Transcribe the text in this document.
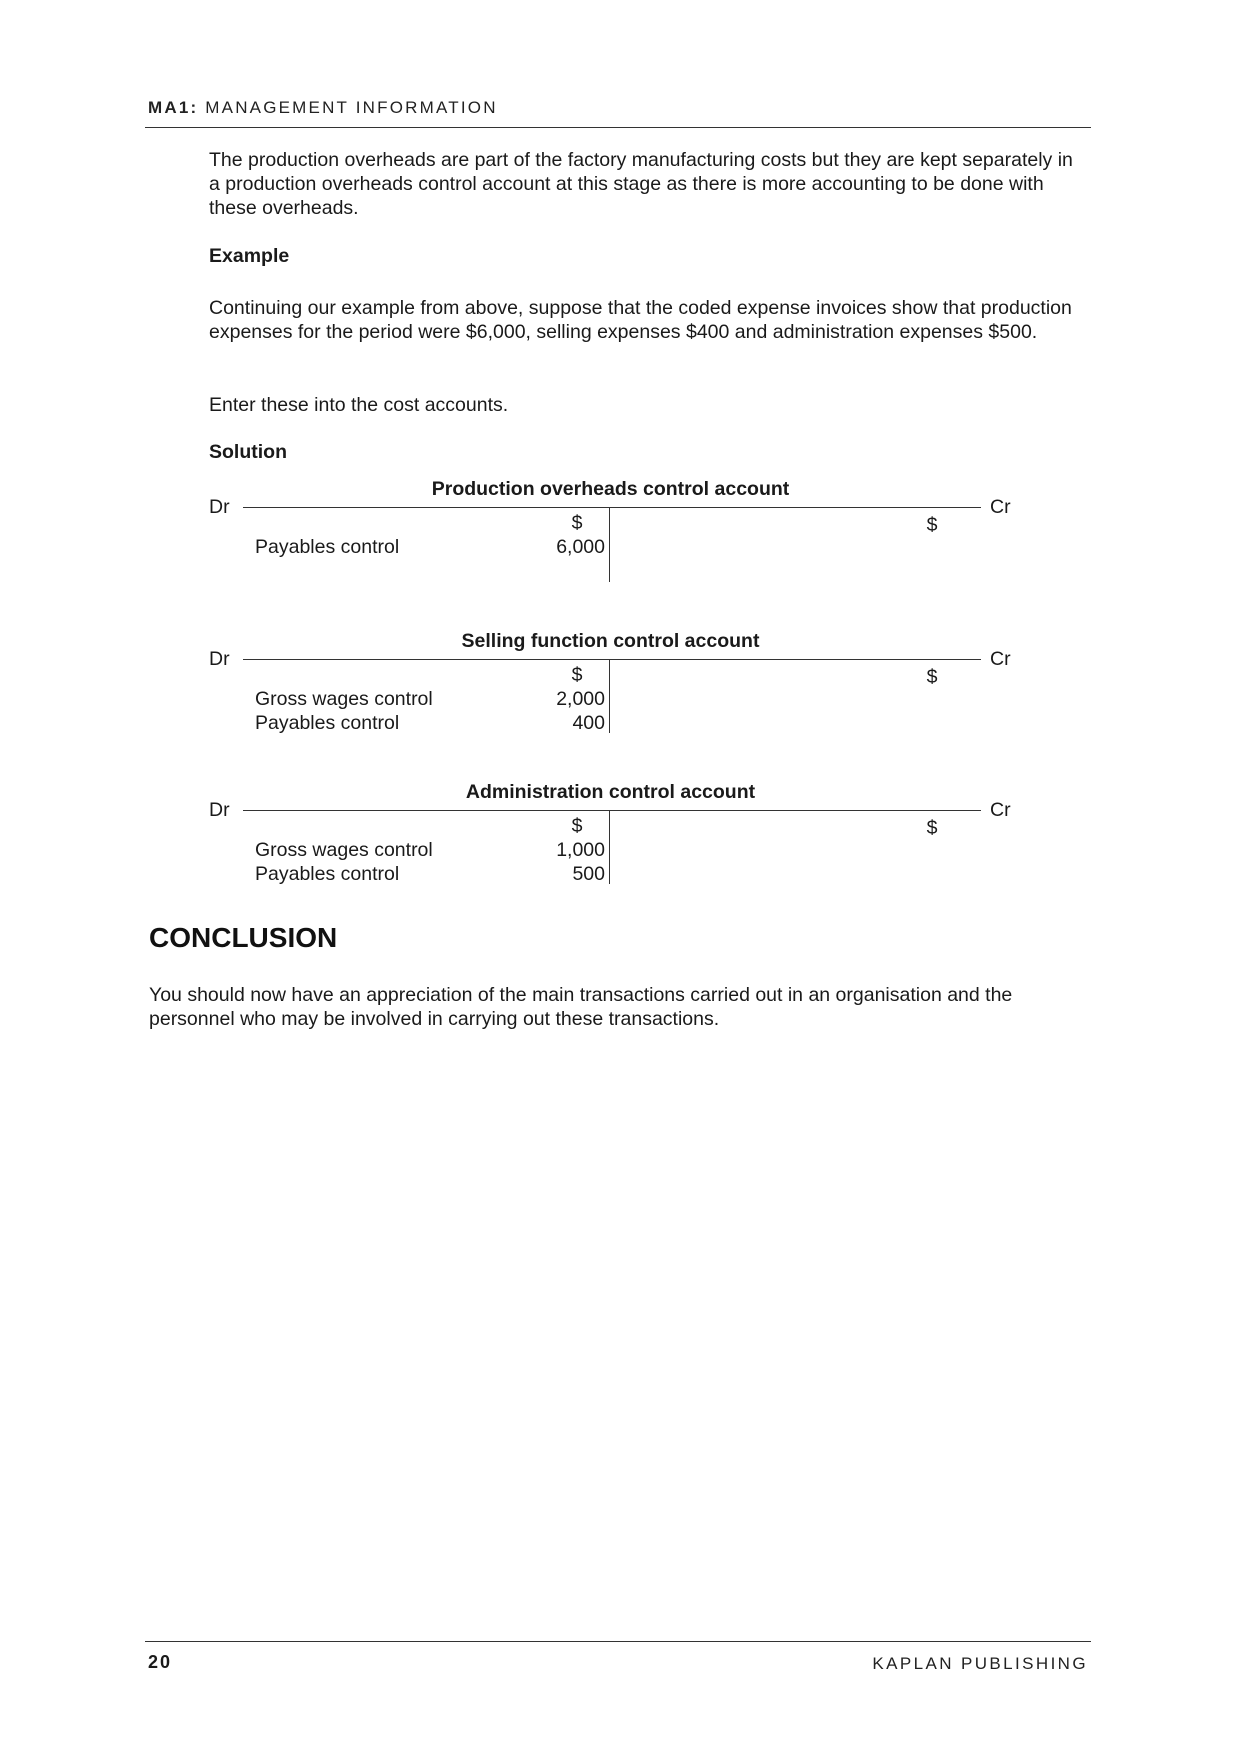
MA1: MANAGEMENT INFORMATION

The production overheads are part of the factory manufacturing costs but they are kept separately in a production overheads control account at this stage as there is more accounting to be done with these overheads.

Example

Continuing our example from above, suppose that the coded expense invoices show that production expenses for the period were $6,000, selling expenses $400 and administration expenses $500.

Enter these into the cost accounts.

Solution

Production overheads control account
Dr	Cr
$	$
Payables control	6,000
Selling function control account
Dr	Cr
$	$
Gross wages control	2,000
Payables control	400
Administration control account
Dr	Cr
$	$
Gross wages control	1,000
Payables control	500
CONCLUSION

You should now have an appreciation of the main transactions carried out in an organisation and the personnel who may be involved in carrying out these transactions.

20	KAPLAN PUBLISHING
